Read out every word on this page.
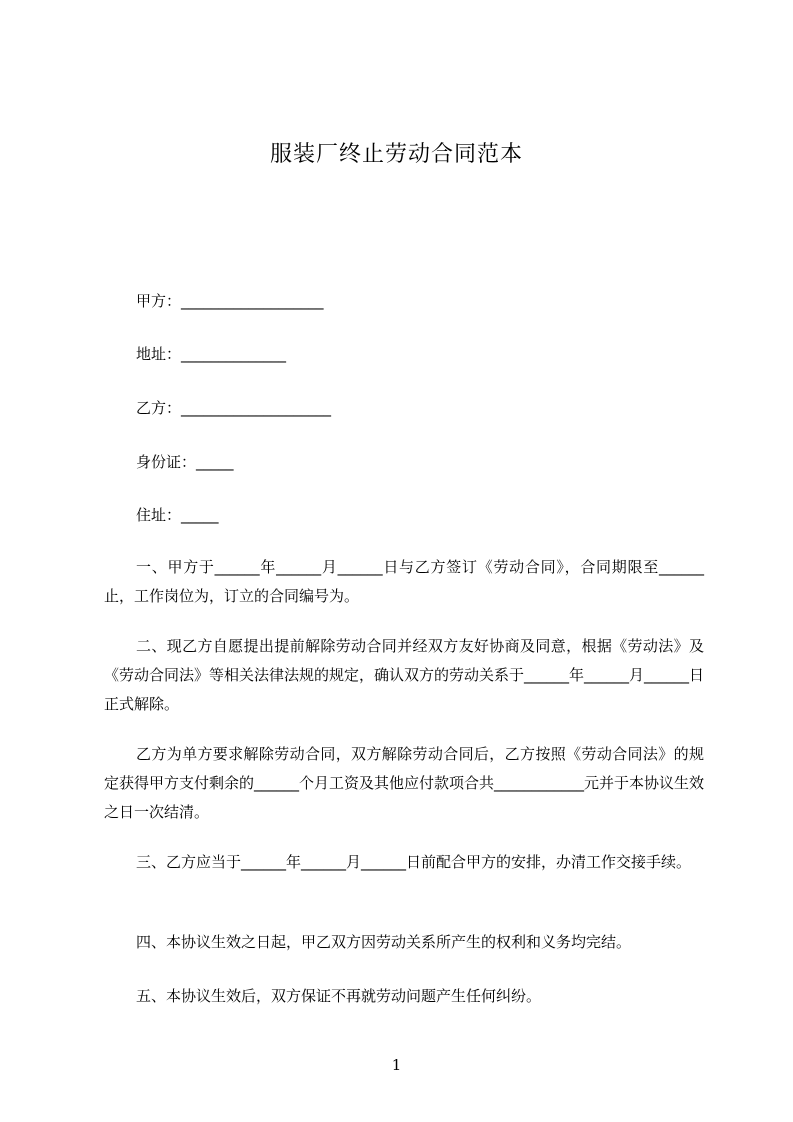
服装厂终止劳动合同范本
甲方：___________________
地址：______________
乙方：____________________
身份证：_____
住址：_____
一、甲方于______年______月______日与乙方签订《劳动合同》，合同期限至______止，工作岗位为，订立的合同编号为。
二、现乙方自愿提出提前解除劳动合同并经双方友好协商及同意，根据《劳动法》及《劳动合同法》等相关法律法规的规定，确认双方的劳动关系于______年______月______日正式解除。
乙方为单方要求解除劳动合同，双方解除劳动合同后，乙方按照《劳动合同法》的规定获得甲方支付剩余的______个月工资及其他应付款项合共____________元并于本协议生效之日一次结清。
三、乙方应当于______年______月______日前配合甲方的安排，办清工作交接手续。
四、本协议生效之日起，甲乙双方因劳动关系所产生的权利和义务均完结。
五、本协议生效后，双方保证不再就劳动问题产生任何纠纷。
1
